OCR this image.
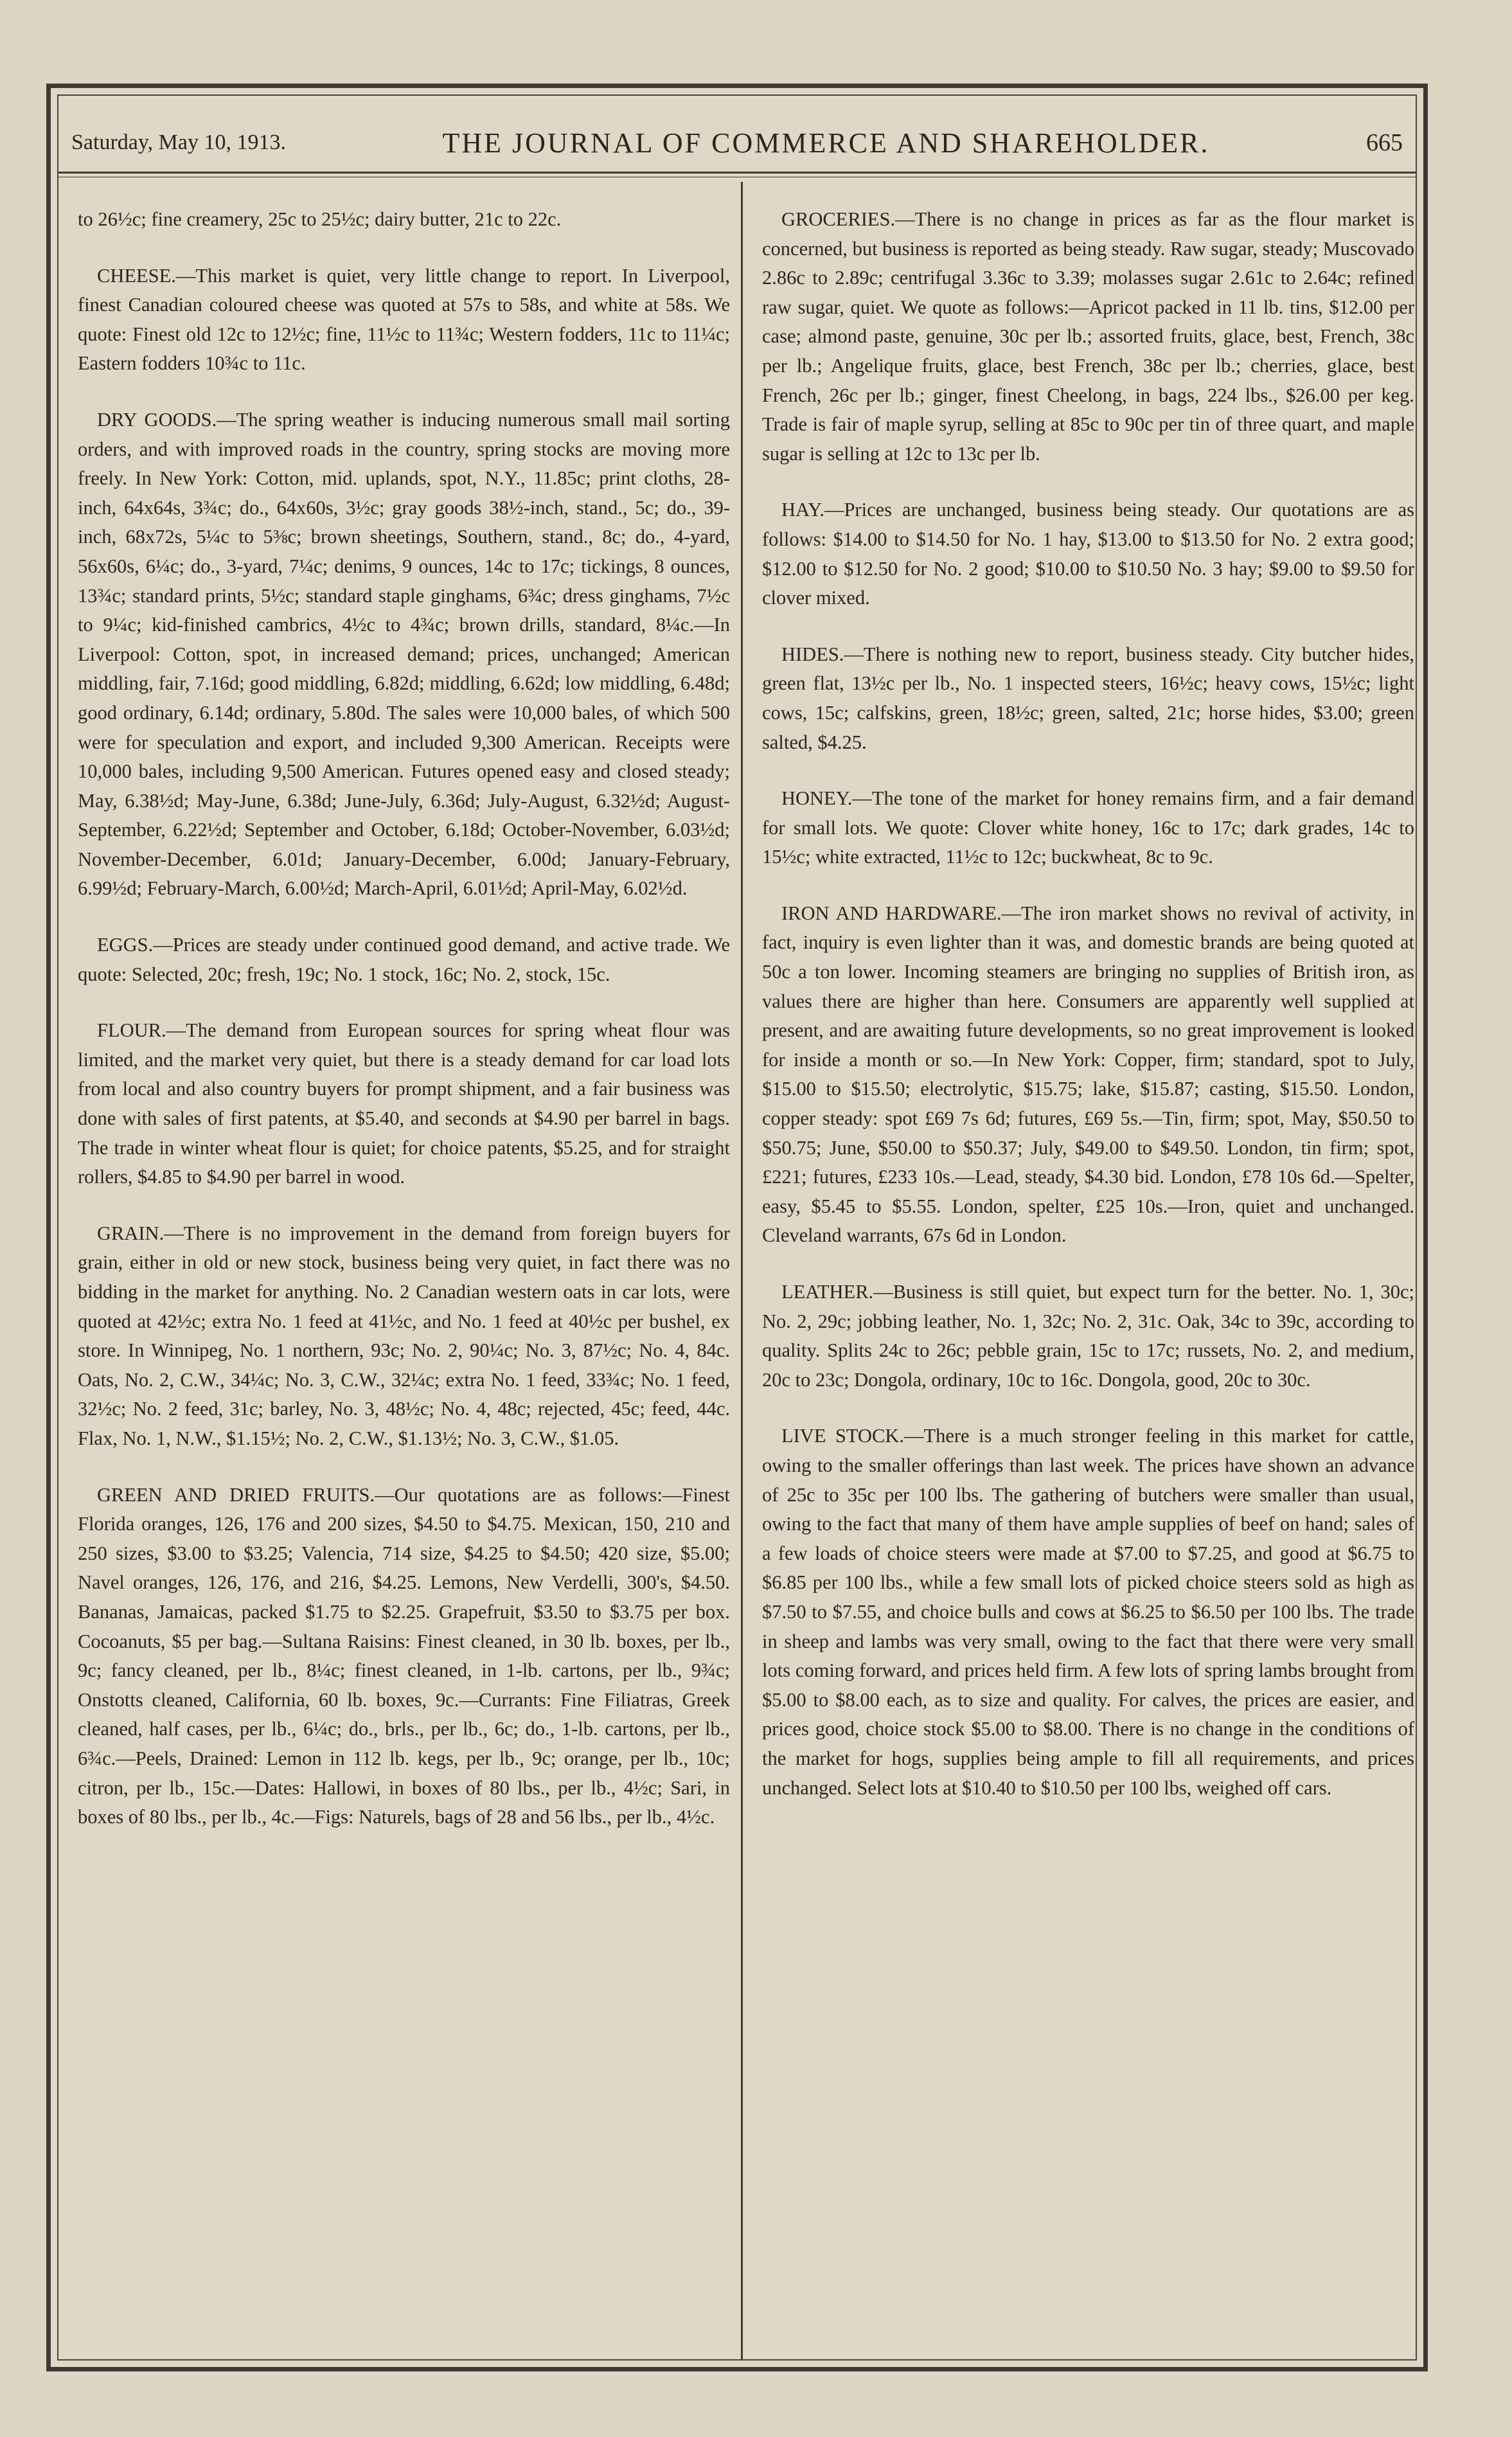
Saturday, May 10, 1913.	THE JOURNAL OF COMMERCE AND SHAREHOLDER.	665

to 26½c; fine creamery, 25c to 25½c; dairy butter, 21c to 22c.

CHEESE.—This market is quiet, very little change to report. In Liverpool, finest Canadian coloured cheese was quoted at 57s to 58s, and white at 58s. We quote: Finest old 12c to 12½c; fine, 11½c to 11¾c; Western fodders, 11c to 11¼c; Eastern fodders 10¾c to 11c.

DRY GOODS.—The spring weather is inducing numerous small mail sorting orders, and with improved roads in the country, spring stocks are moving more freely. In New York: Cotton, mid. uplands, spot, N.Y., 11.85c; print cloths, 28-inch, 64x64s, 3¾c; do., 64x60s, 3½c; gray goods 38½-inch, stand., 5c; do., 39-inch, 68x72s, 5¼c to 5⅜c; brown sheetings, Southern, stand., 8c; do., 4-yard, 56x60s, 6¼c; do., 3-yard, 7¼c; denims, 9 ounces, 14c to 17c; tickings, 8 ounces, 13¾c; standard prints, 5½c; standard staple ginghams, 6¾c; dress ginghams, 7½c to 9¼c; kid-finished cambrics, 4½c to 4¾c; brown drills, standard, 8¼c.—In Liverpool: Cotton, spot, in increased demand; prices, unchanged; American middling, fair, 7.16d; good middling, 6.82d; middling, 6.62d; low middling, 6.48d; good ordinary, 6.14d; ordinary, 5.80d. The sales were 10,000 bales, of which 500 were for speculation and export, and included 9,300 American. Receipts were 10,000 bales, including 9,500 American. Futures opened easy and closed steady; May, 6.38½d; May-June, 6.38d; June-July, 6.36d; July-August, 6.32½d; August-September, 6.22½d; September and October, 6.18d; October-November, 6.03½d; November-December, 6.01d; January-December, 6.00d; January-February, 6.99½d; February-March, 6.00½d; March-April, 6.01½d; April-May, 6.02½d.

EGGS.—Prices are steady under continued good demand, and active trade. We quote: Selected, 20c; fresh, 19c; No. 1 stock, 16c; No. 2, stock, 15c.

FLOUR.—The demand from European sources for spring wheat flour was limited, and the market very quiet, but there is a steady demand for car load lots from local and also country buyers for prompt shipment, and a fair business was done with sales of first patents, at $5.40, and seconds at $4.90 per barrel in bags. The trade in winter wheat flour is quiet; for choice patents, $5.25, and for straight rollers, $4.85 to $4.90 per barrel in wood.

GRAIN.—There is no improvement in the demand from foreign buyers for grain, either in old or new stock, business being very quiet, in fact there was no bidding in the market for anything. No. 2 Canadian western oats in car lots, were quoted at 42½c; extra No. 1 feed at 41½c, and No. 1 feed at 40½c per bushel, ex store. In Winnipeg, No. 1 northern, 93c; No. 2, 90¼c; No. 3, 87½c; No. 4, 84c. Oats, No. 2, C.W., 34¼c; No. 3, C.W., 32¼c; extra No. 1 feed, 33¾c; No. 1 feed, 32½c; No. 2 feed, 31c; barley, No. 3, 48½c; No. 4, 48c; rejected, 45c; feed, 44c. Flax, No. 1, N.W., $1.15½; No. 2, C.W., $1.13½; No. 3, C.W., $1.05.

GREEN AND DRIED FRUITS.—Our quotations are as follows:—Finest Florida oranges, 126, 176 and 200 sizes, $4.50 to $4.75. Mexican, 150, 210 and 250 sizes, $3.00 to $3.25; Valencia, 714 size, $4.25 to $4.50; 420 size, $5.00; Navel oranges, 126, 176, and 216, $4.25. Lemons, New Verdelli, 300's, $4.50. Bananas, Jamaicas, packed $1.75 to $2.25. Grapefruit, $3.50 to $3.75 per box. Cocoanuts, $5 per bag.—Sultana Raisins: Finest cleaned, in 30 lb. boxes, per lb., 9c; fancy cleaned, per lb., 8¼c; finest cleaned, in 1-lb. cartons, per lb., 9¾c; Onstotts cleaned, California, 60 lb. boxes, 9c.—Currants: Fine Filiatras, Greek cleaned, half cases, per lb., 6¼c; do., brls., per lb., 6c; do., 1-lb. cartons, per lb., 6¾c.—Peels, Drained: Lemon in 112 lb. kegs, per lb., 9c; orange, per lb., 10c; citron, per lb., 15c.—Dates: Hallowi, in boxes of 80 lbs., per lb., 4½c; Sari, in boxes of 80 lbs., per lb., 4c.—Figs: Naturels, bags of 28 and 56 lbs., per lb., 4½c.

GROCERIES.—There is no change in prices as far as the flour market is concerned, but business is reported as being steady. Raw sugar, steady; Muscovado 2.86c to 2.89c; centrifugal 3.36c to 3.39; molasses sugar 2.61c to 2.64c; refined raw sugar, quiet. We quote as follows:—Apricot packed in 11 lb. tins, $12.00 per case; almond paste, genuine, 30c per lb.; assorted fruits, glace, best, French, 38c per lb.; Angelique fruits, glace, best French, 38c per lb.; cherries, glace, best French, 26c per lb.; ginger, finest Cheelong, in bags, 224 lbs., $26.00 per keg. Trade is fair of maple syrup, selling at 85c to 90c per tin of three quart, and maple sugar is selling at 12c to 13c per lb.

HAY.—Prices are unchanged, business being steady. Our quotations are as follows: $14.00 to $14.50 for No. 1 hay, $13.00 to $13.50 for No. 2 extra good; $12.00 to $12.50 for No. 2 good; $10.00 to $10.50 No. 3 hay; $9.00 to $9.50 for clover mixed.

HIDES.—There is nothing new to report, business steady. City butcher hides, green flat, 13½c per lb., No. 1 inspected steers, 16½c; heavy cows, 15½c; light cows, 15c; calfskins, green, 18½c; green, salted, 21c; horse hides, $3.00; green salted, $4.25.

HONEY.—The tone of the market for honey remains firm, and a fair demand for small lots. We quote: Clover white honey, 16c to 17c; dark grades, 14c to 15½c; white extracted, 11½c to 12c; buckwheat, 8c to 9c.

IRON AND HARDWARE.—The iron market shows no revival of activity, in fact, inquiry is even lighter than it was, and domestic brands are being quoted at 50c a ton lower. Incoming steamers are bringing no supplies of British iron, as values there are higher than here. Consumers are apparently well supplied at present, and are awaiting future developments, so no great improvement is looked for inside a month or so.—In New York: Copper, firm; standard, spot to July, $15.00 to $15.50; electrolytic, $15.75; lake, $15.87; casting, $15.50. London, copper steady: spot £69 7s 6d; futures, £69 5s.—Tin, firm; spot, May, $50.50 to $50.75; June, $50.00 to $50.37; July, $49.00 to $49.50. London, tin firm; spot, £221; futures, £233 10s.—Lead, steady, $4.30 bid. London, £78 10s 6d.—Spelter, easy, $5.45 to $5.55. London, spelter, £25 10s.—Iron, quiet and unchanged. Cleveland warrants, 67s 6d in London.

LEATHER.—Business is still quiet, but expect turn for the better. No. 1, 30c; No. 2, 29c; jobbing leather, No. 1, 32c; No. 2, 31c. Oak, 34c to 39c, according to quality. Splits 24c to 26c; pebble grain, 15c to 17c; russets, No. 2, and medium, 20c to 23c; Dongola, ordinary, 10c to 16c. Dongola, good, 20c to 30c.

LIVE STOCK.—There is a much stronger feeling in this market for cattle, owing to the smaller offerings than last week. The prices have shown an advance of 25c to 35c per 100 lbs. The gathering of butchers were smaller than usual, owing to the fact that many of them have ample supplies of beef on hand; sales of a few loads of choice steers were made at $7.00 to $7.25, and good at $6.75 to $6.85 per 100 lbs., while a few small lots of picked choice steers sold as high as $7.50 to $7.55, and choice bulls and cows at $6.25 to $6.50 per 100 lbs. The trade in sheep and lambs was very small, owing to the fact that there were very small lots coming forward, and prices held firm. A few lots of spring lambs brought from $5.00 to $8.00 each, as to size and quality. For calves, the prices are easier, and prices good, choice stock $5.00 to $8.00. There is no change in the conditions of the market for hogs, supplies being ample to fill all requirements, and prices unchanged. Select lots at $10.40 to $10.50 per 100 lbs, weighed off cars.
